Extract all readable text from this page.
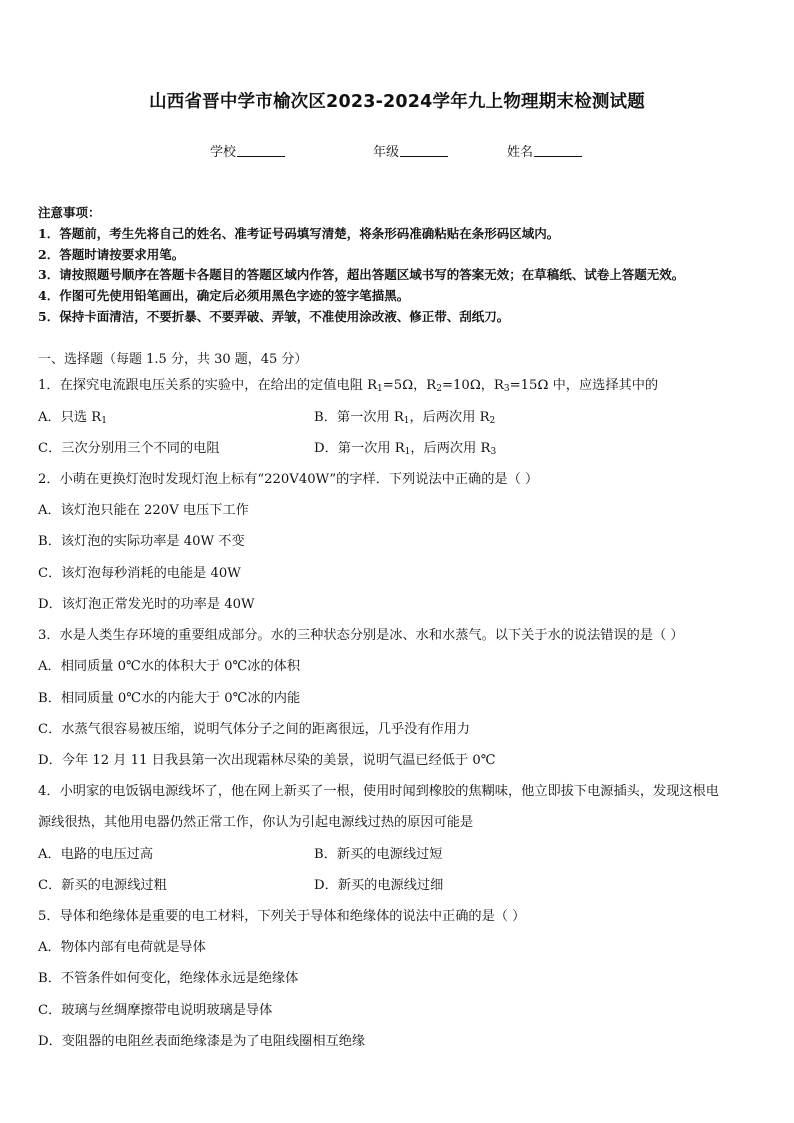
山西省晋中学市榆次区2023-2024学年九上物理期末检测试题
学校	年级	姓名
注意事项：
1．答题前，考生先将自己的姓名、准考证号码填写清楚，将条形码准确粘贴在条形码区域内。
2．答题时请按要求用笔。
3．请按照题号顺序在答题卡各题目的答题区域内作答，超出答题区域书写的答案无效；在草稿纸、试卷上答题无效。
4．作图可先使用铅笔画出，确定后必须用黑色字迹的签字笔描黑。
5．保持卡面清洁，不要折暴、不要弄破、弄皱，不准使用涂改液、修正带、刮纸刀。
一、选择题（每题 1.5 分，共 30 题，45 分）
1．在探究电流跟电压关系的实验中，在给出的定值电阻 $R_1=5\Omega$，$R_2=10\Omega$，$R_3=15\Omega$ 中，应选择其中的
A．只选 $R_1$	B．第一次用 $R_1$，后两次用 $R_2$
C．三次分别用三个不同的电阻	D．第一次用 $R_1$，后两次用 $R_3$
2．小萌在更换灯泡时发现灯泡上标有“220V40W”的字样．下列说法中正确的是（ ）
A．该灯泡只能在 220V 电压下工作
B．该灯泡的实际功率是 40W 不变
C．该灯泡每秒消耗的电能是 40W
D．该灯泡正常发光时的功率是 40W
3．水是人类生存环境的重要组成部分。水的三种状态分别是冰、水和水蒸气。以下关于水的说法错误的是（ ）
A．相同质量 0℃水的体积大于 0℃冰的体积
B．相同质量 0℃水的内能大于 0℃冰的内能
C．水蒸气很容易被压缩，说明气体分子之间的距离很远，几乎没有作用力
D．今年 12 月 11 日我县第一次出现霜林尽染的美景，说明气温已经低于 0℃
4．小明家的电饭锅电源线坏了，他在网上新买了一根，使用时闻到橡胶的焦糊味，他立即拔下电源插头，发现这根电
源线很热，其他用电器仍然正常工作，你认为引起电源线过热的原因可能是
A．电路的电压过高	B．新买的电源线过短
C．新买的电源线过粗	D．新买的电源线过细
5．导体和绝缘体是重要的电工材料，下列关于导体和绝缘体的说法中正确的是（ ）
A．物体内部有电荷就是导体
B．不管条件如何变化，绝缘体永远是绝缘体
C．玻璃与丝绸摩擦带电说明玻璃是导体
D．变阻器的电阻丝表面绝缘漆是为了电阻线圈相互绝缘
